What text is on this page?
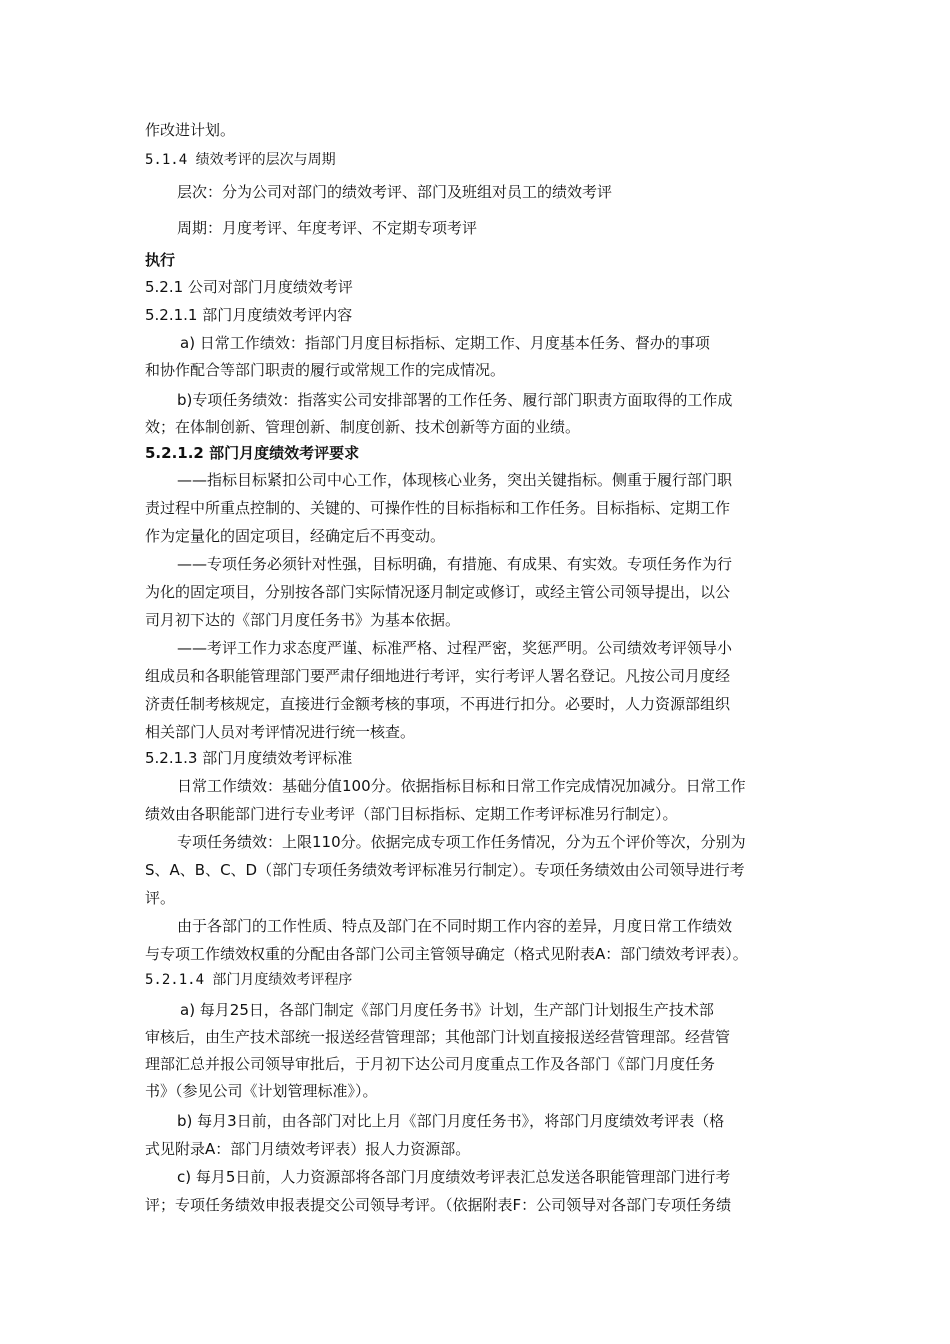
作改进计划。
5.1.4 绩效考评的层次与周期
层次：分为公司对部门的绩效考评、部门及班组对员工的绩效考评
周期：月度考评、年度考评、不定期专项考评
执行
5.2.1 公司对部门月度绩效考评
5.2.1.1 部门月度绩效考评内容
a) 日常工作绩效：指部门月度目标指标、定期工作、月度基本任务、督办的事项
和协作配合等部门职责的履行或常规工作的完成情况。
b)专项任务绩效：指落实公司安排部署的工作任务、履行部门职责方面取得的工作成
效；在体制创新、管理创新、制度创新、技术创新等方面的业绩。
5.2.1.2 部门月度绩效考评要求
——指标目标紧扣公司中心工作，体现核心业务，突出关键指标。侧重于履行部门职
责过程中所重点控制的、关键的、可操作性的目标指标和工作任务。目标指标、定期工作
作为定量化的固定项目，经确定后不再变动。
——专项任务必须针对性强，目标明确，有措施、有成果、有实效。专项任务作为行
为化的固定项目，分别按各部门实际情况逐月制定或修订，或经主管公司领导提出，以公
司月初下达的《部门月度任务书》为基本依据。
——考评工作力求态度严谨、标准严格、过程严密，奖惩严明。公司绩效考评领导小
组成员和各职能管理部门要严肃仔细地进行考评，实行考评人署名登记。凡按公司月度经
济责任制考核规定，直接进行金额考核的事项，不再进行扣分。必要时，人力资源部组织
相关部门人员对考评情况进行统一核查。
5.2.1.3 部门月度绩效考评标准
日常工作绩效：基础分值100分。依据指标目标和日常工作完成情况加减分。日常工作
绩效由各职能部门进行专业考评（部门目标指标、定期工作考评标准另行制定）。
专项任务绩效：上限110分。依据完成专项工作任务情况，分为五个评价等次，分别为
S、A、B、C、D（部门专项任务绩效考评标准另行制定）。专项任务绩效由公司领导进行考
评。
由于各部门的工作性质、特点及部门在不同时期工作内容的差异，月度日常工作绩效
与专项工作绩效权重的分配由各部门公司主管领导确定（格式见附表A：部门绩效考评表）。
5.2.1.4 部门月度绩效考评程序
a) 每月25日，各部门制定《部门月度任务书》计划，生产部门计划报生产技术部
审核后，由生产技术部统一报送经营管理部；其他部门计划直接报送经营管理部。经营管
理部汇总并报公司领导审批后，于月初下达公司月度重点工作及各部门《部门月度任务
书》（参见公司《计划管理标准》）。
b) 每月3日前，由各部门对比上月《部门月度任务书》，将部门月度绩效考评表（格
式见附录A：部门月绩效考评表）报人力资源部。
c) 每月5日前，人力资源部将各部门月度绩效考评表汇总发送各职能管理部门进行考
评；专项任务绩效申报表提交公司领导考评。（依据附表F：公司领导对各部门专项任务绩
